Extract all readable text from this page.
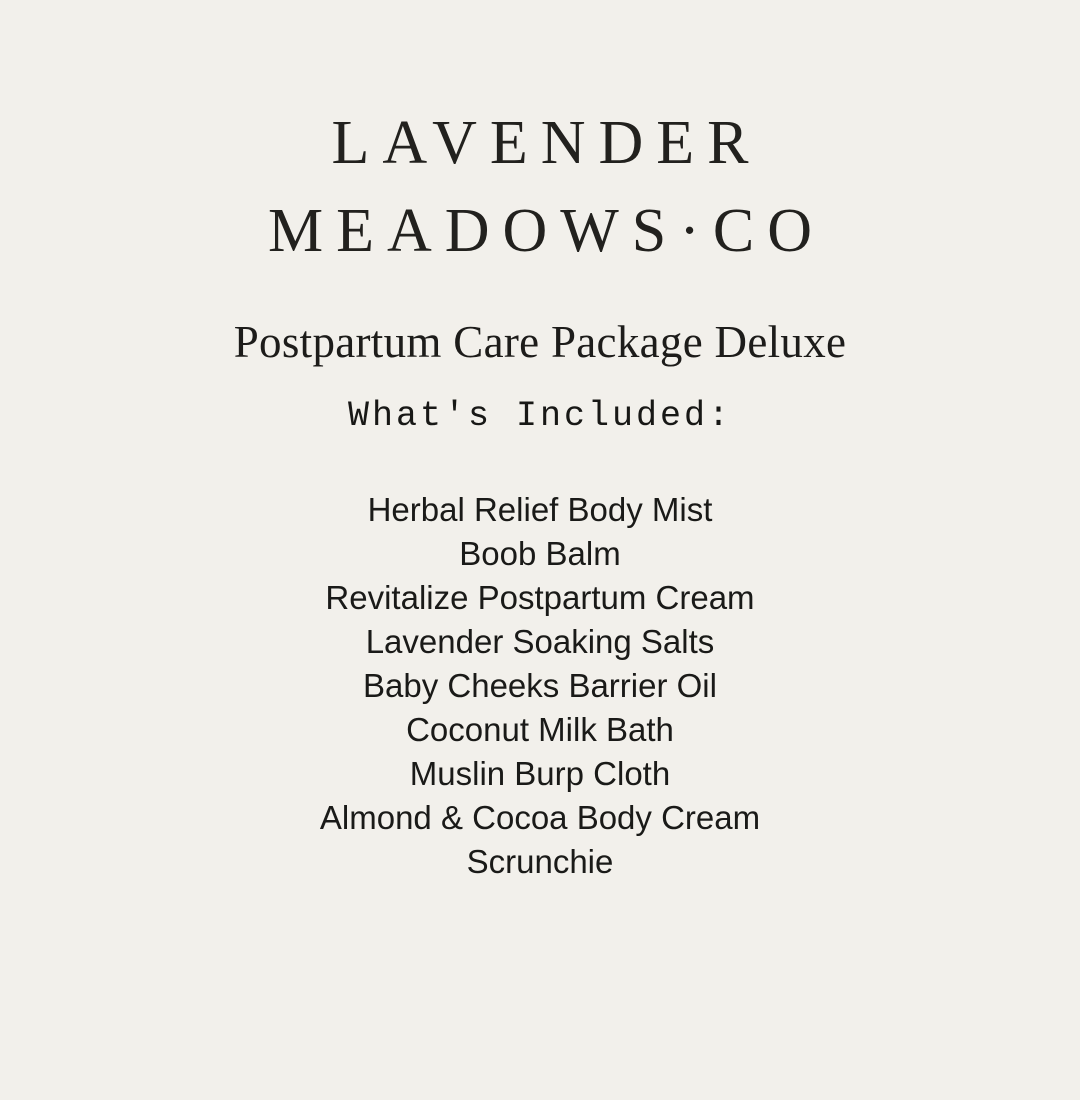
LAVENDER
MEADOWS·CO
Postpartum Care Package Deluxe
What's Included:
Herbal Relief Body Mist
Boob Balm
Revitalize Postpartum Cream
Lavender Soaking Salts
Baby Cheeks Barrier Oil
Coconut Milk Bath
Muslin Burp Cloth
Almond & Cocoa Body Cream
Scrunchie
